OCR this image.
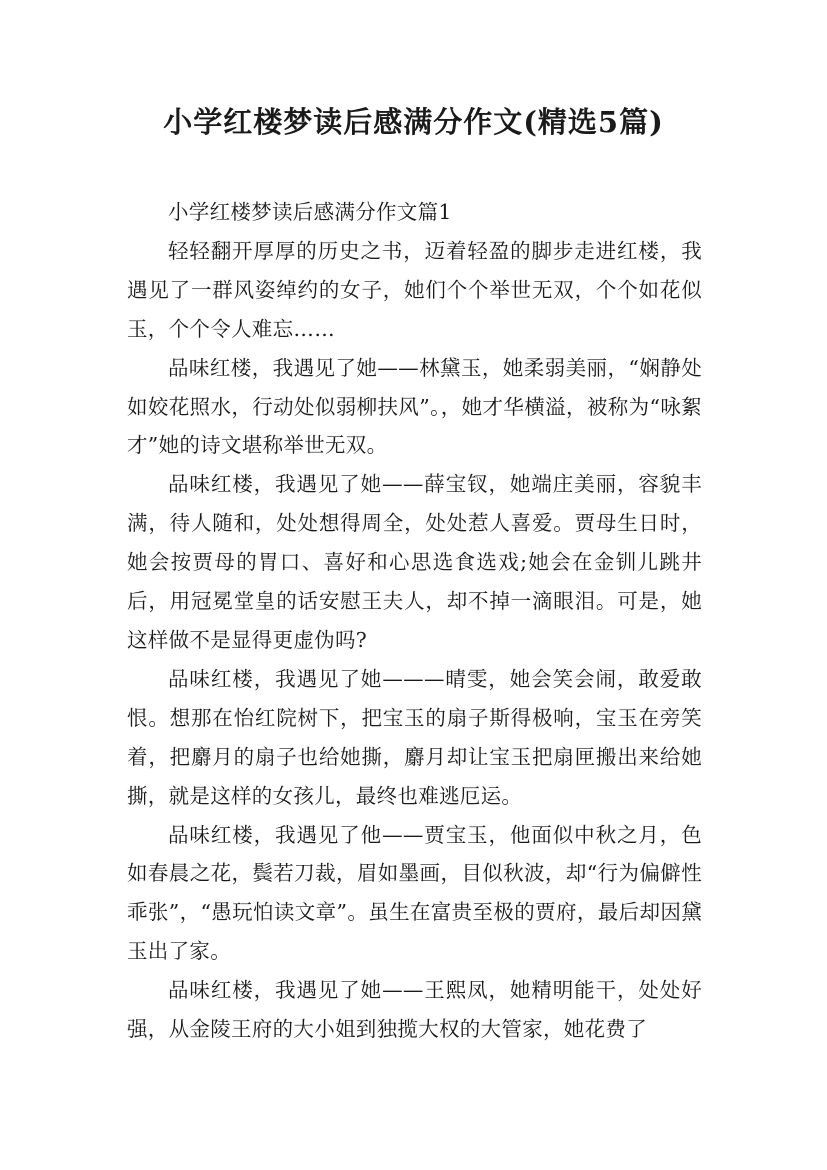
小学红楼梦读后感满分作文(精选5篇)

小学红楼梦读后感满分作文篇1

轻轻翻开厚厚的历史之书，迈着轻盈的脚步走进红楼，我遇见了一群风姿绰约的女子，她们个个举世无双，个个如花似玉，个个令人难忘……

品味红楼，我遇见了她——林黛玉，她柔弱美丽，“娴静处如姣花照水，行动处似弱柳扶风”。，她才华横溢，被称为“咏絮才”她的诗文堪称举世无双。

品味红楼，我遇见了她——薛宝钗，她端庄美丽，容貌丰满，待人随和，处处想得周全，处处惹人喜爱。贾母生日时，她会按贾母的胃口、喜好和心思选食选戏;她会在金钏儿跳井后，用冠冕堂皇的话安慰王夫人，却不掉一滴眼泪。可是，她这样做不是显得更虚伪吗?

品味红楼，我遇见了她———晴雯，她会笑会闹，敢爱敢恨。想那在怡红院树下，把宝玉的扇子斯得极响，宝玉在旁笑着，把麝月的扇子也给她撕，麝月却让宝玉把扇匣搬出来给她撕，就是这样的女孩儿，最终也难逃厄运。

品味红楼，我遇见了他——贾宝玉，他面似中秋之月，色如春晨之花，鬓若刀裁，眉如墨画，目似秋波，却“行为偏僻性乖张”，“愚玩怕读文章”。虽生在富贵至极的贾府，最后却因黛玉出了家。

品味红楼，我遇见了她——王熙凤，她精明能干，处处好强，从金陵王府的大小姐到独揽大权的大管家，她花费了
